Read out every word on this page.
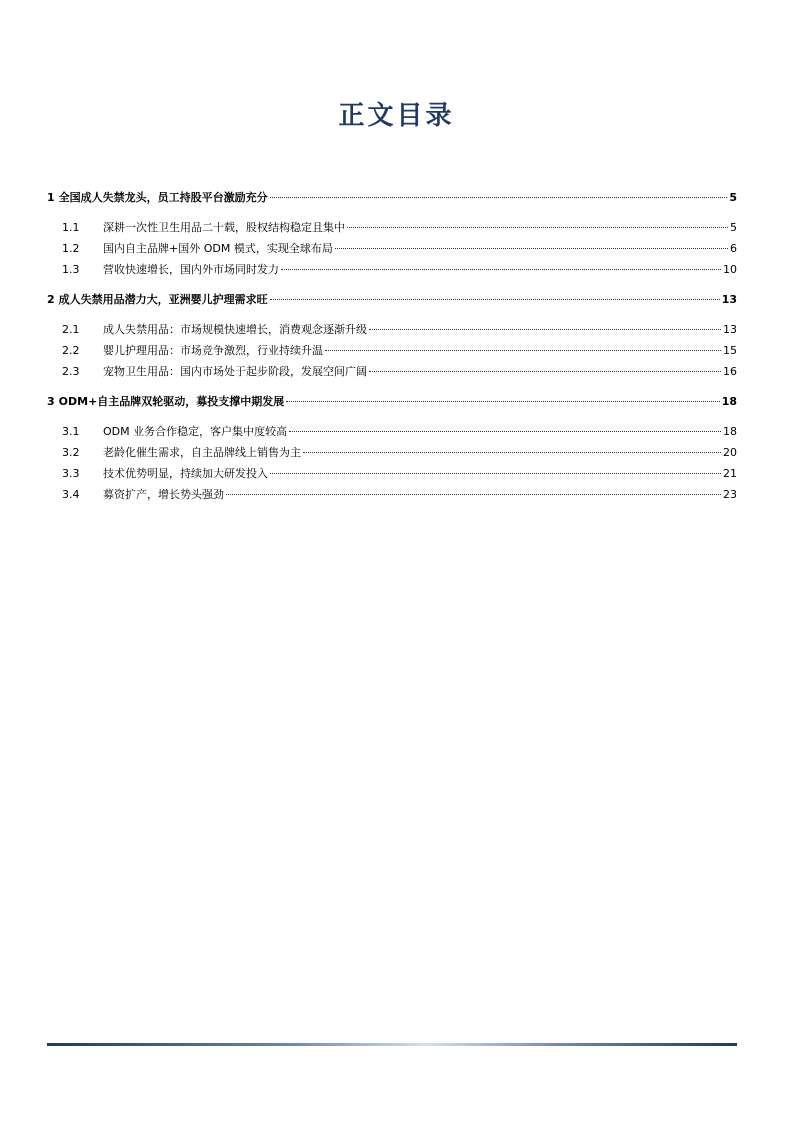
正文目录
1 全国成人失禁龙头，员工持股平台激励充分	5
1.1	深耕一次性卫生用品二十载，股权结构稳定且集中	5
1.2	国内自主品牌+国外 ODM 模式，实现全球布局	6
1.3	营收快速增长，国内外市场同时发力	10
2 成人失禁用品潜力大，亚洲婴儿护理需求旺	13
2.1	成人失禁用品：市场规模快速增长，消费观念逐渐升级	13
2.2	婴儿护理用品：市场竞争激烈，行业持续升温	15
2.3	宠物卫生用品：国内市场处于起步阶段，发展空间广阔	16
3 ODM+自主品牌双轮驱动，募投支撑中期发展	18
3.1	ODM 业务合作稳定，客户集中度较高	18
3.2	老龄化催生需求，自主品牌线上销售为主	20
3.3	技术优势明显，持续加大研发投入	21
3.4	募资扩产，增长势头强劲	23
